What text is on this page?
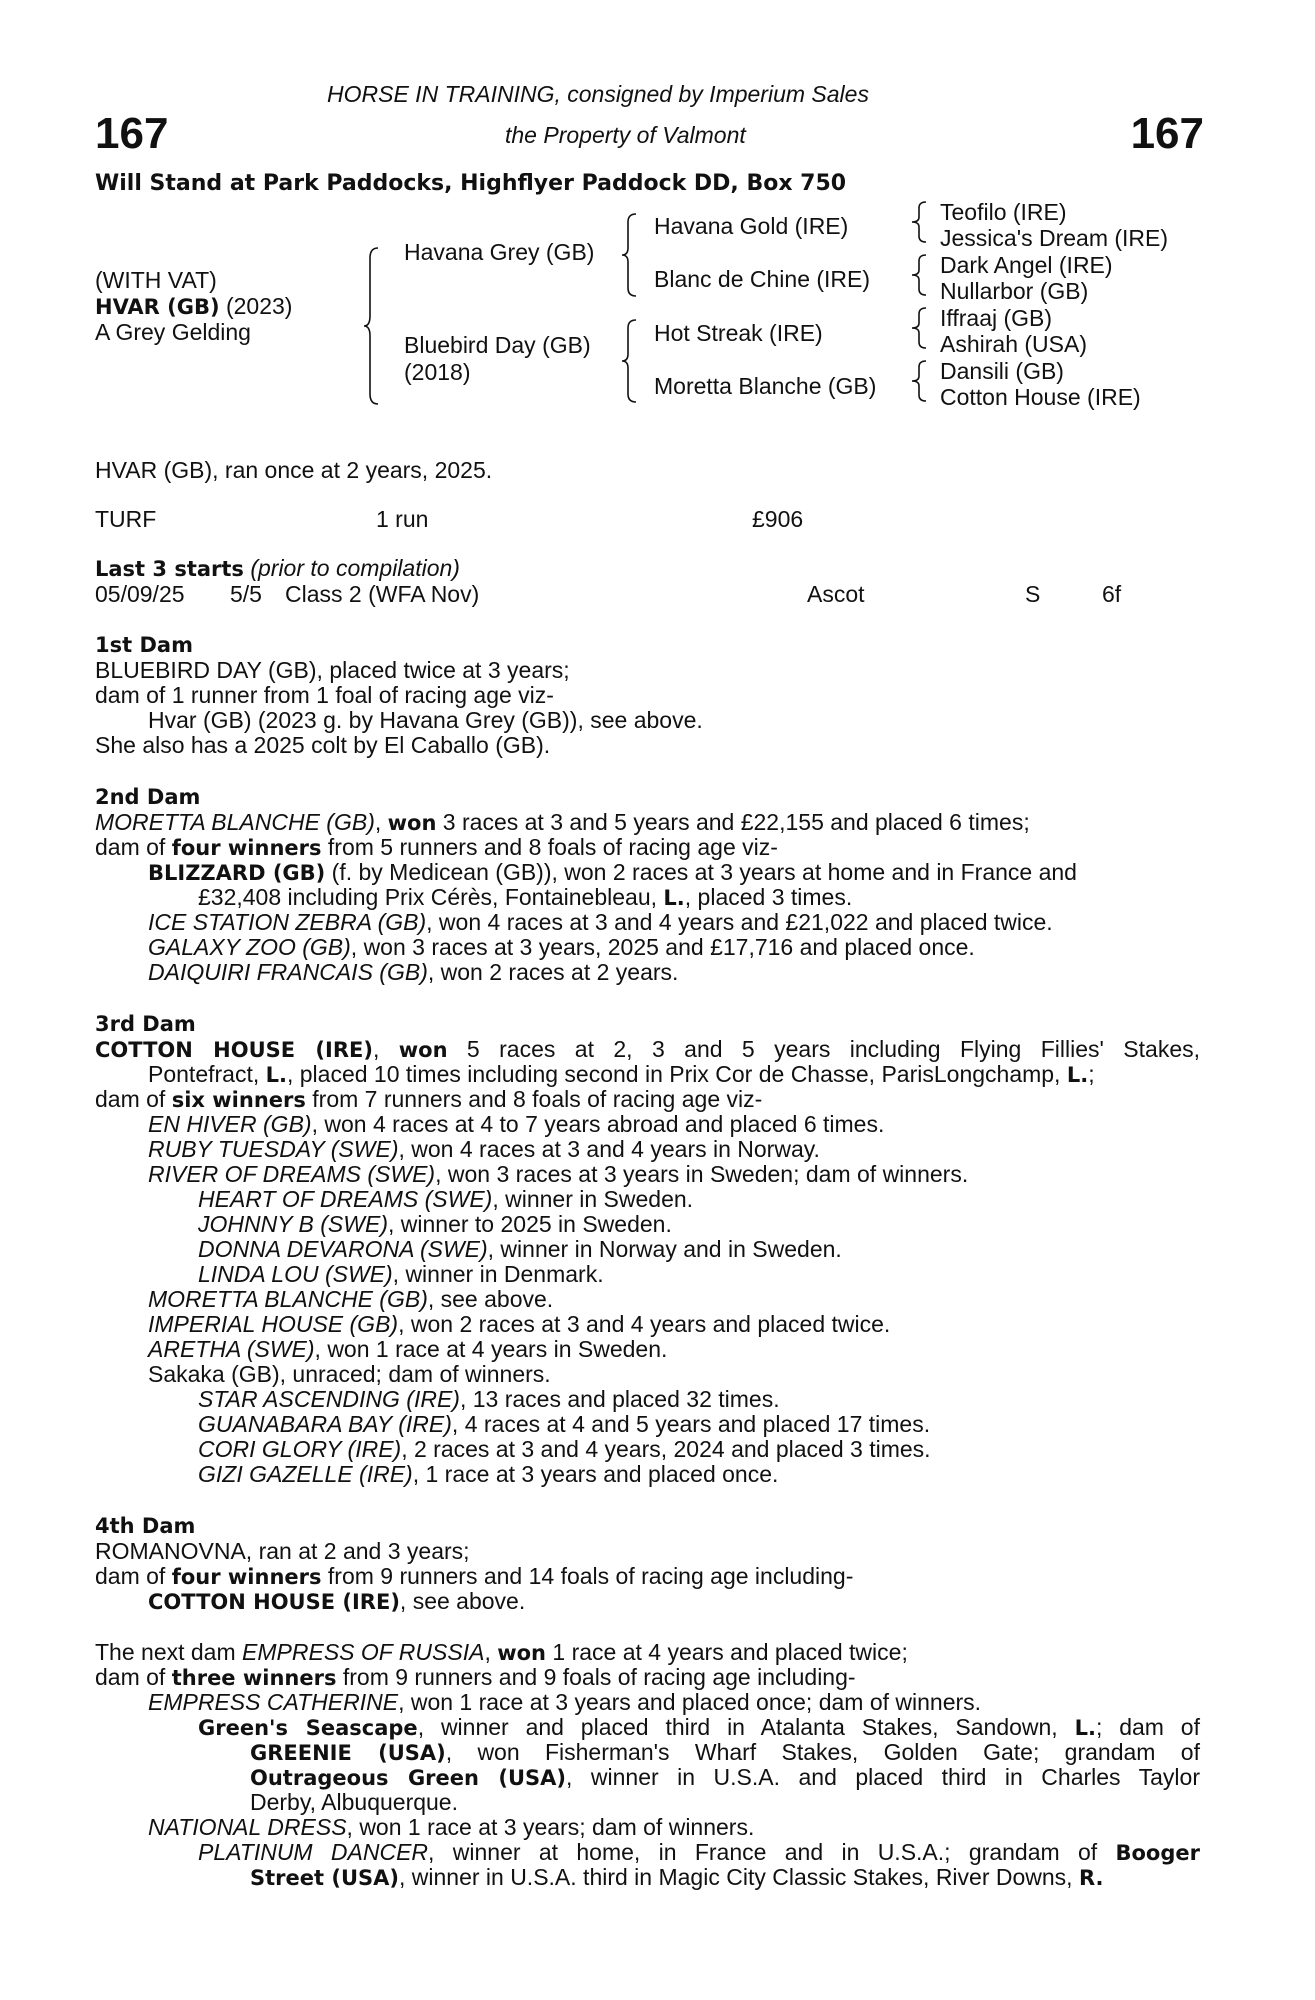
167	167
HORSE IN TRAINING, consigned by Imperium Sales
the Property of Valmont
Will Stand at Park Paddocks, Highflyer Paddock DD, Box 750
(WITH VAT)
HVAR (GB) (2023)
A Grey Gelding
Havana Grey (GB)
Bluebird Day (GB)
(2018)
Havana Gold (IRE)
Blanc de Chine (IRE)
Hot Streak (IRE)
Moretta Blanche (GB)
Teofilo (IRE)
Jessica's Dream (IRE)
Dark Angel (IRE)
Nullarbor (GB)
Iffraaj (GB)
Ashirah (USA)
Dansili (GB)
Cotton House (IRE)
HVAR (GB), ran once at 2 years, 2025.
TURF	1 run	£906
Last 3 starts (prior to compilation)
05/09/25 5/5 Class 2 (WFA Nov)	Ascot	S	6f
1st Dam
BLUEBIRD DAY (GB), placed twice at 3 years;
dam of 1 runner from 1 foal of racing age viz-
Hvar (GB) (2023 g. by Havana Grey (GB)), see above.
She also has a 2025 colt by El Caballo (GB).
2nd Dam
MORETTA BLANCHE (GB), won 3 races at 3 and 5 years and £22,155 and placed 6 times;
dam of four winners from 5 runners and 8 foals of racing age viz-
BLIZZARD (GB) (f. by Medicean (GB)), won 2 races at 3 years at home and in France and
£32,408 including Prix Cérès, Fontainebleau, L., placed 3 times.
ICE STATION ZEBRA (GB), won 4 races at 3 and 4 years and £21,022 and placed twice.
GALAXY ZOO (GB), won 3 races at 3 years, 2025 and £17,716 and placed once.
DAIQUIRI FRANCAIS (GB), won 2 races at 2 years.
3rd Dam
COTTON HOUSE (IRE), won 5 races at 2, 3 and 5 years including Flying Fillies' Stakes,
Pontefract, L., placed 10 times including second in Prix Cor de Chasse, ParisLongchamp, L.;
dam of six winners from 7 runners and 8 foals of racing age viz-
EN HIVER (GB), won 4 races at 4 to 7 years abroad and placed 6 times.
RUBY TUESDAY (SWE), won 4 races at 3 and 4 years in Norway.
RIVER OF DREAMS (SWE), won 3 races at 3 years in Sweden; dam of winners.
HEART OF DREAMS (SWE), winner in Sweden.
JOHNNY B (SWE), winner to 2025 in Sweden.
DONNA DEVARONA (SWE), winner in Norway and in Sweden.
LINDA LOU (SWE), winner in Denmark.
MORETTA BLANCHE (GB), see above.
IMPERIAL HOUSE (GB), won 2 races at 3 and 4 years and placed twice.
ARETHA (SWE), won 1 race at 4 years in Sweden.
Sakaka (GB), unraced; dam of winners.
STAR ASCENDING (IRE), 13 races and placed 32 times.
GUANABARA BAY (IRE), 4 races at 4 and 5 years and placed 17 times.
CORI GLORY (IRE), 2 races at 3 and 4 years, 2024 and placed 3 times.
GIZI GAZELLE (IRE), 1 race at 3 years and placed once.
4th Dam
ROMANOVNA, ran at 2 and 3 years;
dam of four winners from 9 runners and 14 foals of racing age including-
COTTON HOUSE (IRE), see above.
The next dam EMPRESS OF RUSSIA, won 1 race at 4 years and placed twice;
dam of three winners from 9 runners and 9 foals of racing age including-
EMPRESS CATHERINE, won 1 race at 3 years and placed once; dam of winners.
Green's Seascape, winner and placed third in Atalanta Stakes, Sandown, L.; dam of
GREENIE (USA), won Fisherman's Wharf Stakes, Golden Gate; grandam of
Outrageous Green (USA), winner in U.S.A. and placed third in Charles Taylor
Derby, Albuquerque.
NATIONAL DRESS, won 1 race at 3 years; dam of winners.
PLATINUM DANCER, winner at home, in France and in U.S.A.; grandam of Booger
Street (USA), winner in U.S.A. third in Magic City Classic Stakes, River Downs, R.
